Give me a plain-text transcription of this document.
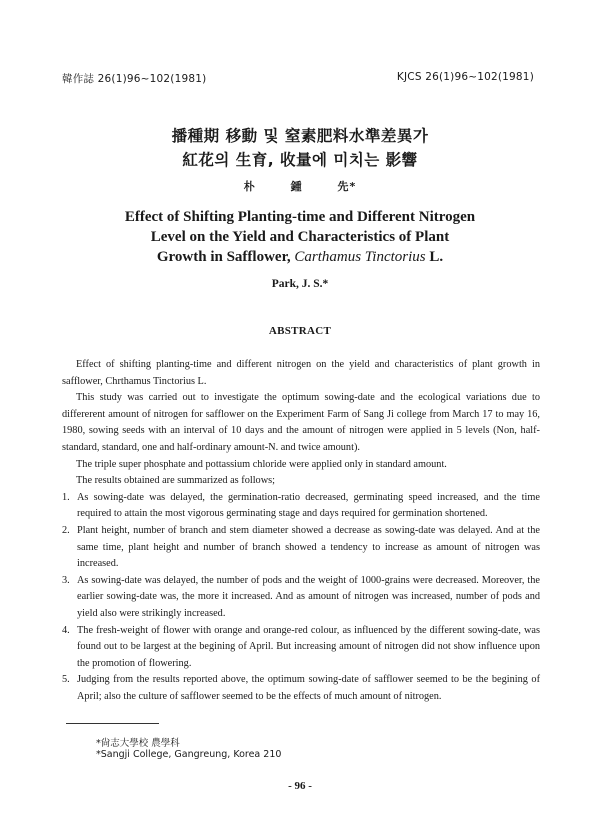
韓作誌 26(1)96~102(1981)	KJCS 26(1)96~102(1981)
播種期 移動 및 窒素肥料水準差異가
紅花의 生育, 收量에 미치는 影響
朴 鍾 先*
Effect of Shifting Planting-time and Different Nitrogen
Level on the Yield and Characteristics of Plant
Growth in Safflower, Carthamus Tinctorius L.
Park, J. S.*
ABSTRACT

Effect of shifting planting-time and different nitrogen on the yield and characteristics of plant growth in safflower, Chrthamus Tinctorius L.

This study was carried out to investigate the optimum sowing-date and the ecological variations due to differerent amount of nitrogen for safflower on the Experiment Farm of Sang Ji college from March 17 to may 16, 1980, sowing seeds with an interval of 10 days and the amount of nitrogen were applied in 5 levels (Non, half-standard, standard, one and half-ordinary amount-N. and twice amount).

The triple super phosphate and pottassium chloride were applied only in standard amount.

The results obtained are summarized as follows;

1. As sowing-date was delayed, the germination-ratio decreased, germinating speed increased, and the time required to attain the most vigorous germinating stage and days required for germination shortened.

2. Plant height, number of branch and stem diameter showed a decrease as sowing-date was delayed. And at the same time, plant height and number of branch showed a tendency to increase as amount of nitrogen was increased.

3. As sowing-date was delayed, the number of pods and the weight of 1000-grains were decreased. Moreover, the earlier sowing-date was, the more it increased. And as amount of nitrogen was increased, number of pods and yield also were strikingly increased.

4. The fresh-weight of flower with orange and orange-red colour, as influenced by the different sowing-date, was found out to be largest at the begining of April. But increasing amount of nitrogen did not show influence upon the promotion of flowering.

5. Judging from the results reported above, the optimum sowing-date of safflower seemed to be the begining of April; also the culture of safflower seemed to be the effects of much amount of nitrogen.

*尙志大學校 農學科
*Sangji College, Gangreung, Korea 210
- 96 -
